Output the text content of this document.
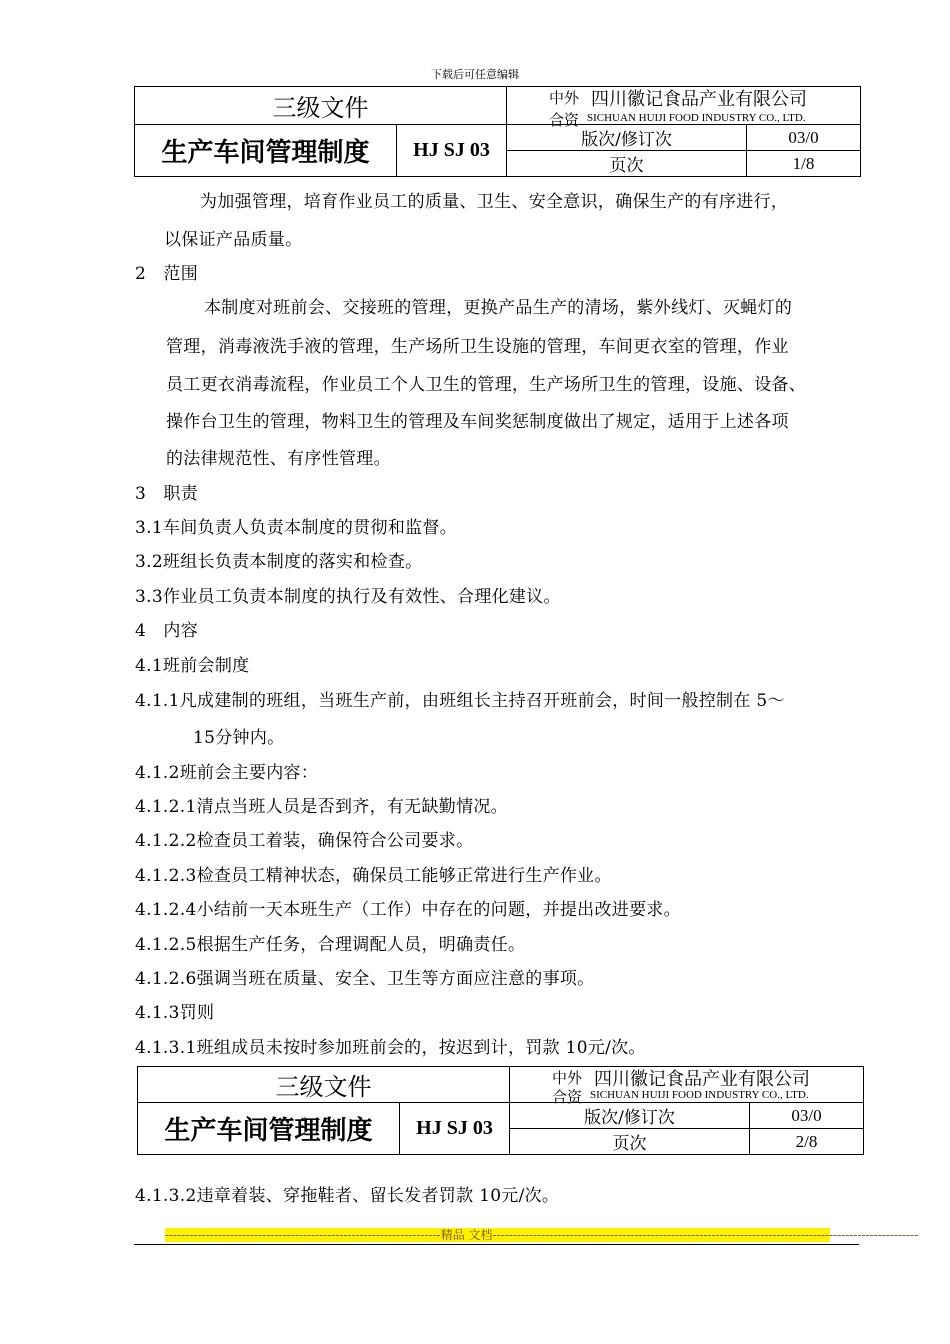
下载后可任意编辑
三级文件		中外 四川徽记食品产业有限公司
合资 SICHUAN HUIJI FOOD INDUSTRY CO., LTD.	

生产车间管理制度	HJ SJ 03	版次/修订次	03/0
		页次	1/8
为加强管理，培育作业员工的质量、卫生、安全意识，确保生产的有序进行，
以保证产品质量。
2　范围
本制度对班前会、交接班的管理，更换产品生产的清场，紫外线灯、灭蝇灯的
管理，消毒液洗手液的管理，生产场所卫生设施的管理，车间更衣室的管理，作业
员工更衣消毒流程，作业员工个人卫生的管理，生产场所卫生的管理，设施、设备、
操作台卫生的管理，物料卫生的管理及车间奖惩制度做出了规定，适用于上述各项
的法律规范性、有序性管理。
3　职责
3.1车间负责人负责本制度的贯彻和监督。
3.2班组长负责本制度的落实和检查。
3.3作业员工负责本制度的执行及有效性、合理化建议。
4　内容
4.1班前会制度
4.1.1凡成建制的班组，当班生产前，由班组长主持召开班前会，时间一般控制在 5～
15分钟内。
4.1.2班前会主要内容：
4.1.2.1清点当班人员是否到齐，有无缺勤情况。
4.1.2.2检查员工着装，确保符合公司要求。
4.1.2.3检查员工精神状态，确保员工能够正常进行生产作业。
4.1.2.4小结前一天本班生产（工作）中存在的问题，并提出改进要求。
4.1.2.5根据生产任务，合理调配人员，明确责任。
4.1.2.6强调当班在质量、安全、卫生等方面应注意的事项。
4.1.3罚则
4.1.3.1班组成员未按时参加班前会的，按迟到计，罚款 10元/次。
三级文件		中外 四川徽记食品产业有限公司
合资 SICHUAN HUIJI FOOD INDUSTRY CO., LTD.	

生产车间管理制度	HJ SJ 03	版次/修订次	03/0
		页次	2/8
4.1.3.2违章着装、穿拖鞋者、留长发者罚款 10元/次。
--------------------------------------------------------------------精品 文档---------------------------------------------------------------------------------------------------------
